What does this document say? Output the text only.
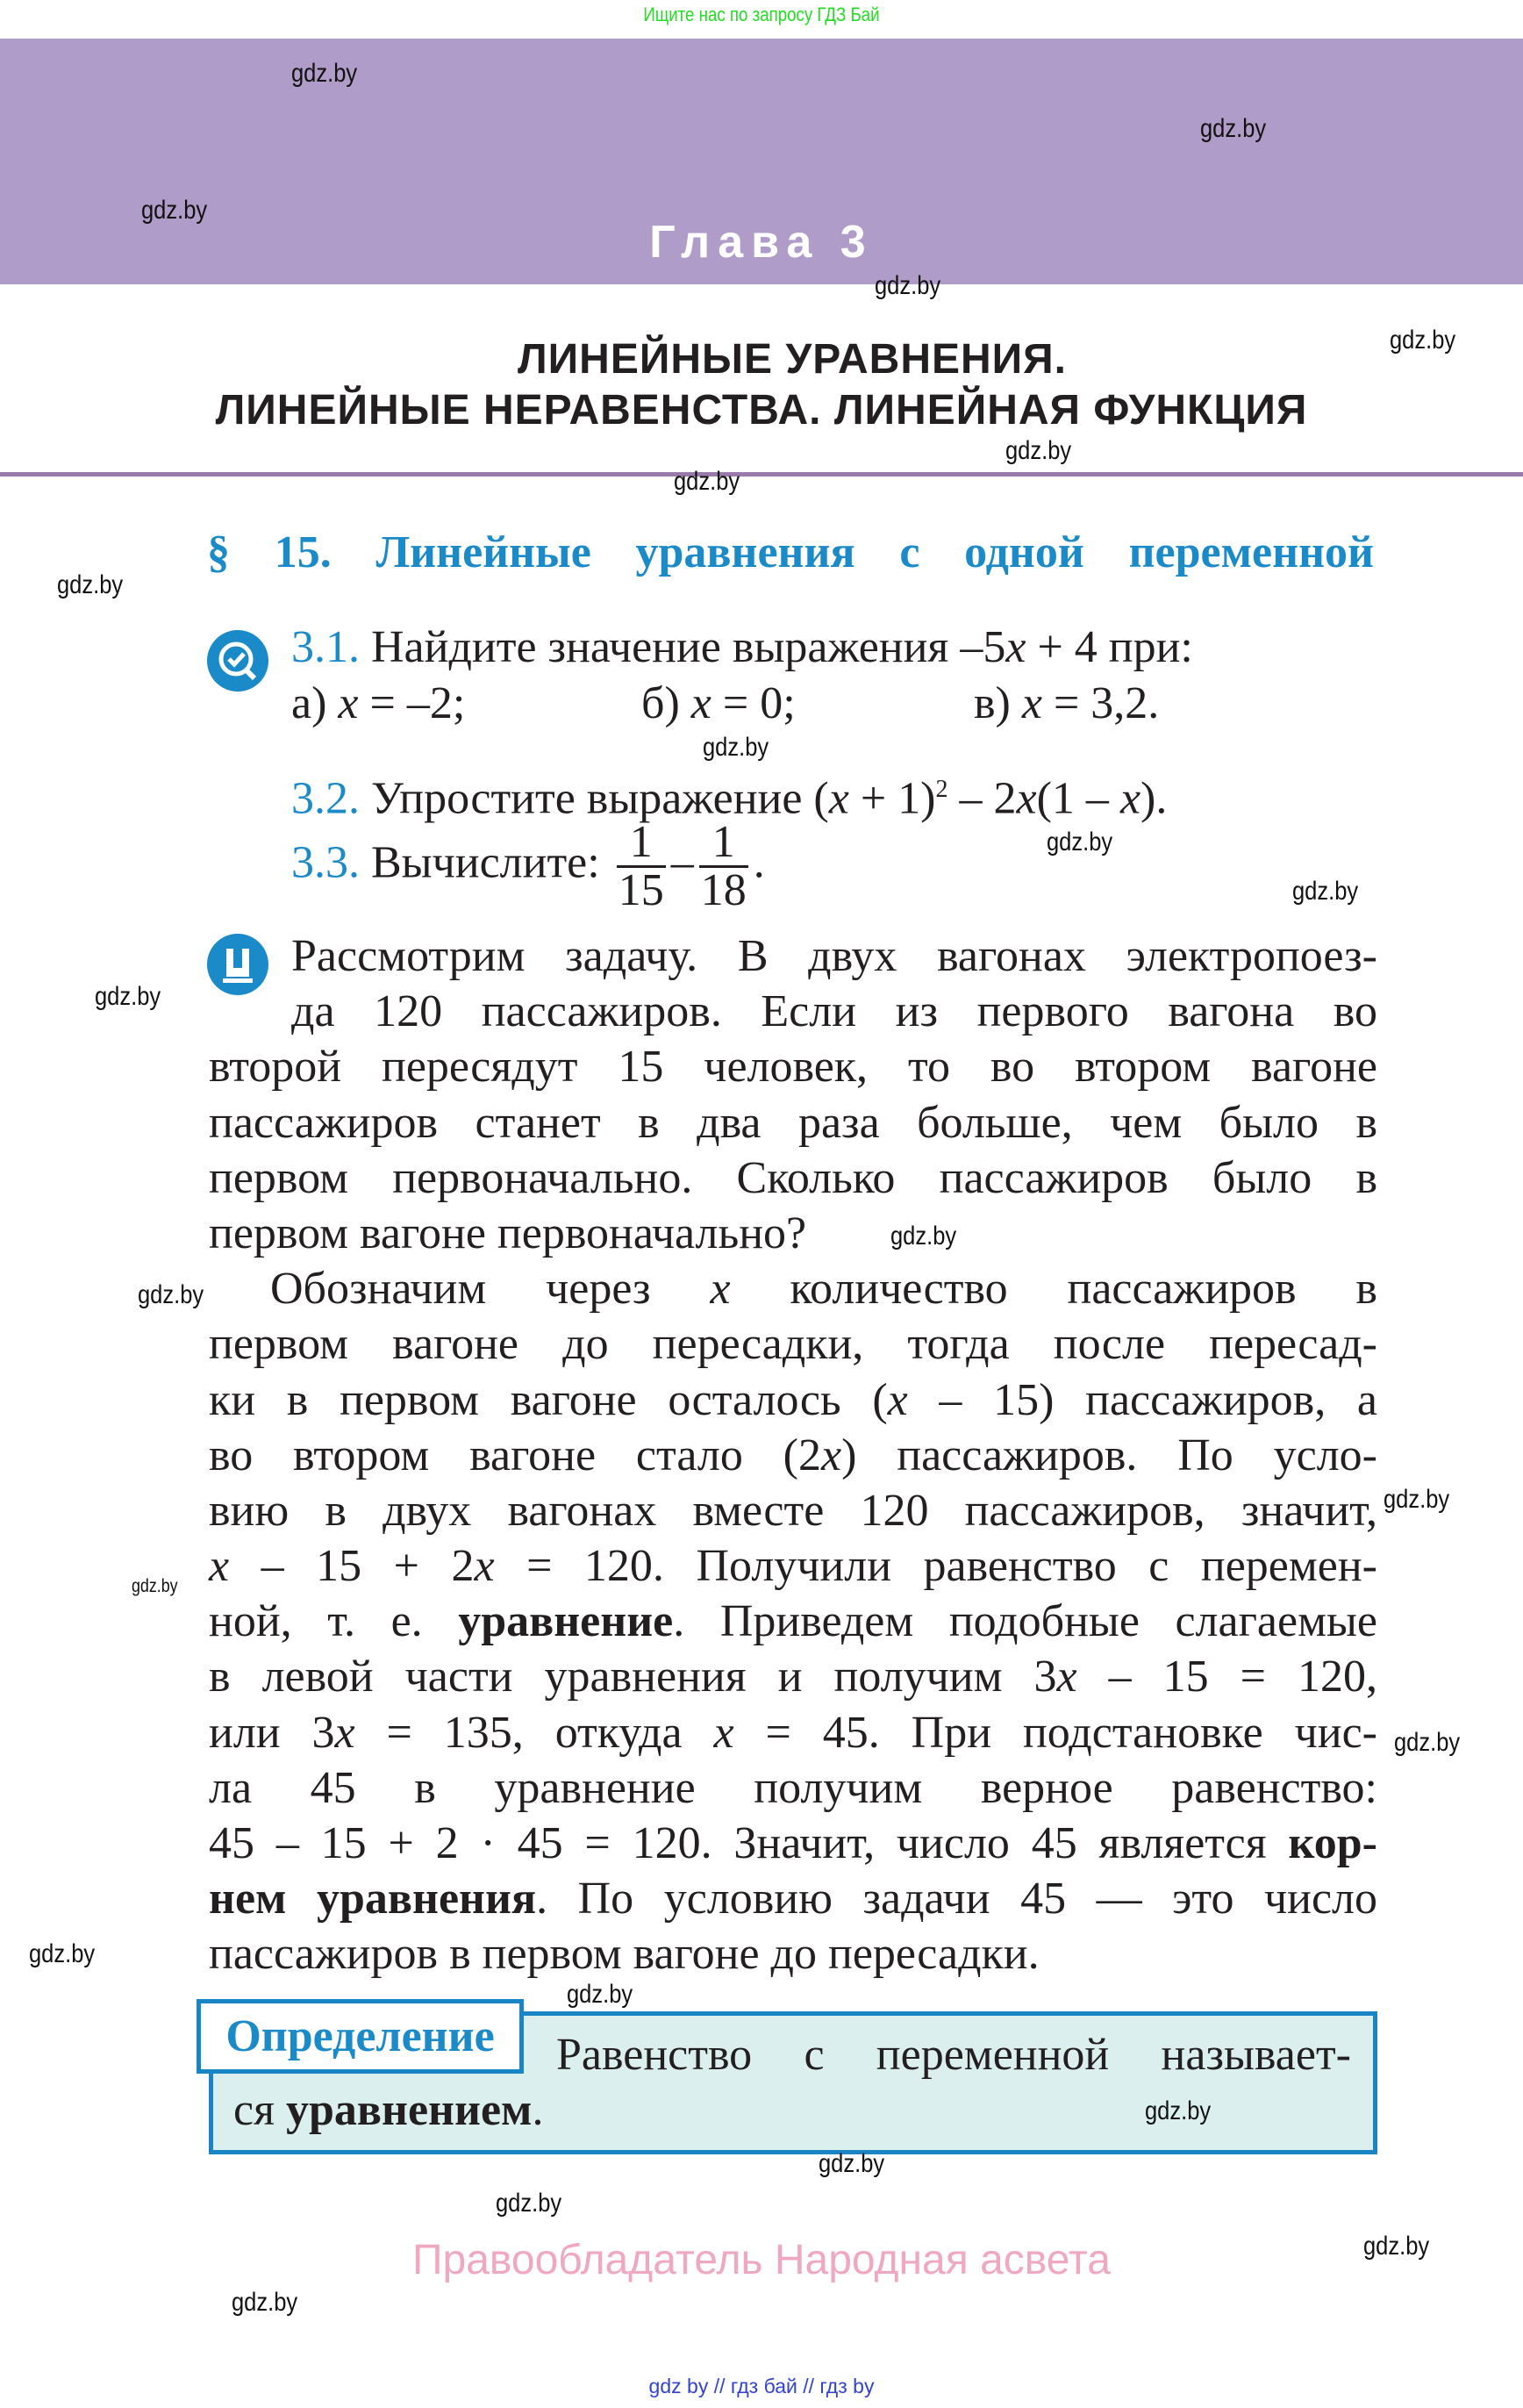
Ищите нас по запросу ГДЗ Бай
Глава 3
ЛИНЕЙНЫЕ УРАВНЕНИЯ.
ЛИНЕЙНЫЕ НЕРАВЕНСТВА. ЛИНЕЙНАЯ ФУНКЦИЯ
§ 15. Линейные уравнения с одной переменной
3.1. Найдите значение выражения –5x + 4 при:
а) x = –2;	б) x = 0;	в) x = 3,2.
3.2. Упростите выражение $(x + 1)^2 - 2x(1 - x)$.
3.3. Вычислите: $\frac{1}{15} - \frac{1}{18}$ .
Рассмотрим задачу. В двух вагонах электропоез-
да 120 пассажиров. Если из первого вагона во
второй пересядут 15 человек, то во втором вагоне
пассажиров станет в два раза больше, чем было в
первом первоначально. Сколько пассажиров было в
первом вагоне первоначально?
Обозначим через x количество пассажиров в
первом вагоне до пересадки, тогда после пересад-
ки в первом вагоне осталось (x – 15) пассажиров, а
во втором вагоне стало (2x) пассажиров. По усло-
вию в двух вагонах вместе 120 пассажиров, значит,
x – 15 + 2x = 120. Получили равенство с перемен-
ной, т. е. уравнение. Приведем подобные слагаемые
в левой части уравнения и получим 3x – 15 = 120,
или 3x = 135, откуда x = 45. При подстановке чис-
ла 45 в уравнение получим верное равенство:
45 – 15 + 2 · 45 = 120. Значит, число 45 является кор-
нем уравнения. По условию задачи 45 — это число
пассажиров в первом вагоне до пересадки.
Определение	Равенство с переменной называет-
ся уравнением.
Правообладатель Народная асвета
gdz by // гдз бай // гдз by
gdz.by
gdz.by
gdz.by
gdz.by
gdz.by
gdz.by
gdz.by
gdz.by
gdz.by
gdz.by
gdz.by
gdz.by
gdz.by
gdz.by
gdz.by
gdz.by
gdz.by
gdz.by
gdz.by
gdz.by
gdz.by
gdz.by
gdz.by
gdz.by
